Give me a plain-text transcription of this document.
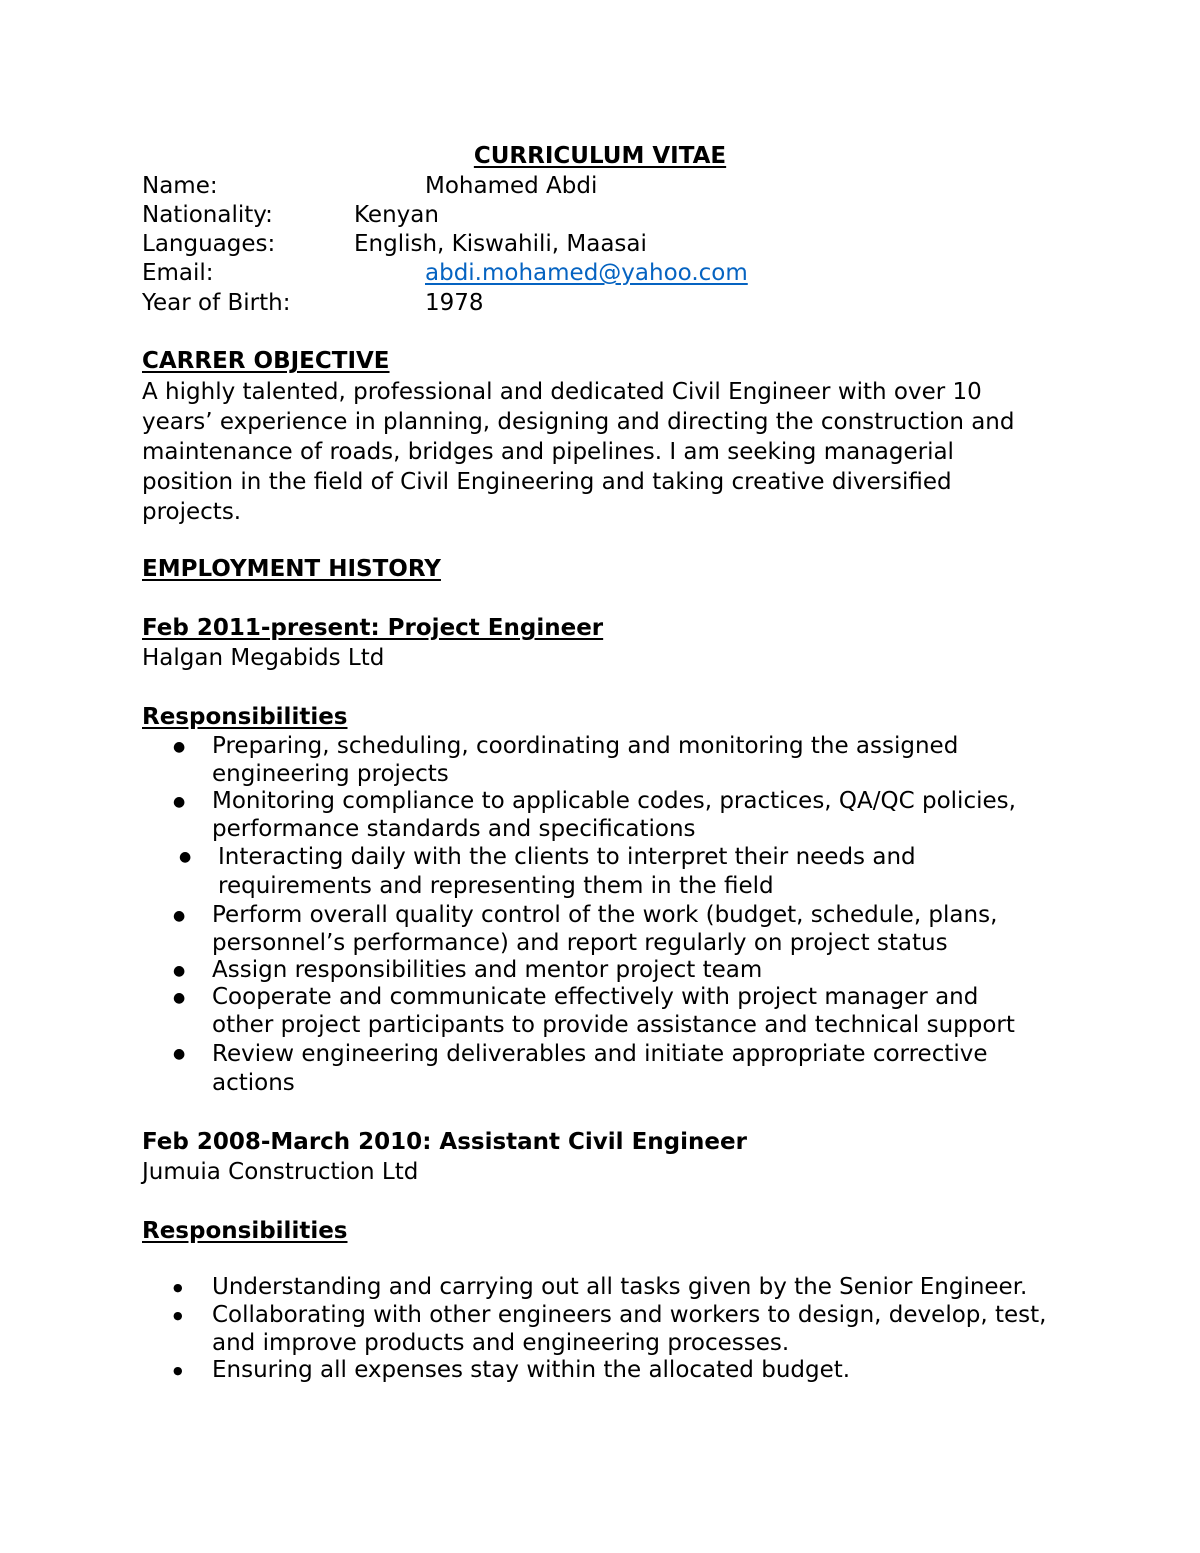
CURRICULUM VITAE
Name:	Mohamed Abdi
Nationality:	Kenyan
Languages:	English, Kiswahili, Maasai
Email:	abdi.mohamed@yahoo.com
Year of Birth:	1978
CARRER OBJECTIVE
A highly talented, professional and dedicated Civil Engineer with over 10
years’ experience in planning, designing and directing the construction and
maintenance of roads, bridges and pipelines. I am seeking managerial
position in the field of Civil Engineering and taking creative diversified
projects.
EMPLOYMENT HISTORY
Feb 2011-present: Project Engineer
Halgan Megabids Ltd
Responsibilities
● Preparing, scheduling, coordinating and monitoring the assigned
engineering projects
● Monitoring compliance to applicable codes, practices, QA/QC policies,
performance standards and specifications
● Interacting daily with the clients to interpret their needs and
requirements and representing them in the field
● Perform overall quality control of the work (budget, schedule, plans,
personnel’s performance) and report regularly on project status
● Assign responsibilities and mentor project team
● Cooperate and communicate effectively with project manager and
other project participants to provide assistance and technical support
● Review engineering deliverables and initiate appropriate corrective
actions
Feb 2008-March 2010: Assistant Civil Engineer
Jumuia Construction Ltd
Responsibilities
● Understanding and carrying out all tasks given by the Senior Engineer.
● Collaborating with other engineers and workers to design, develop, test,
and improve products and engineering processes.
● Ensuring all expenses stay within the allocated budget.
